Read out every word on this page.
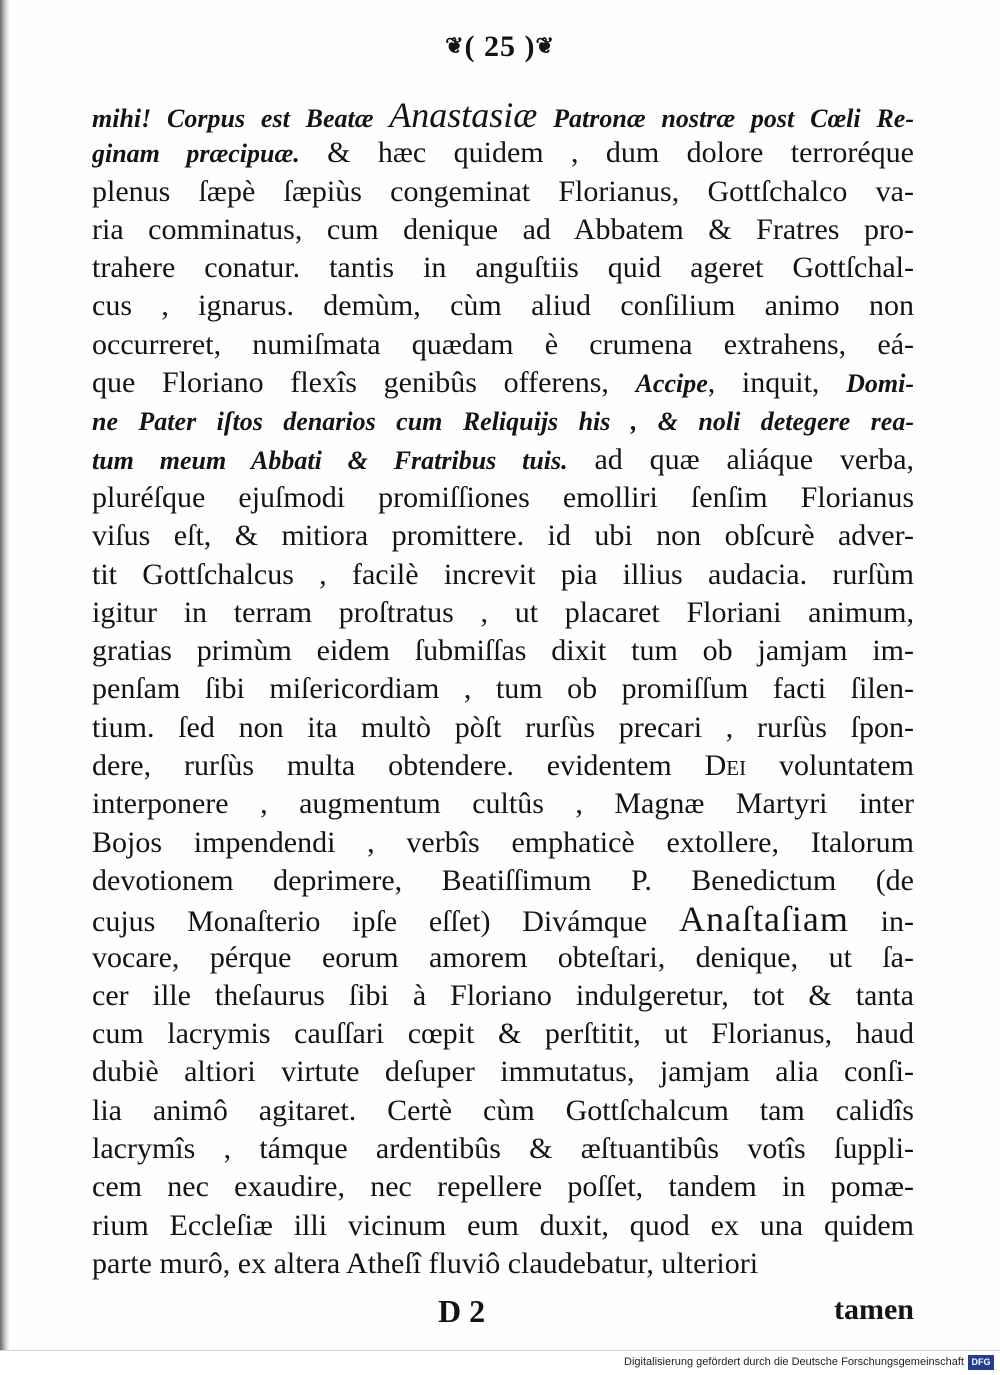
❦( 25 )❦
mihi! Corpus est Beatæ Anastasiæ Patronæ nostræ post Cœli Re-
ginam præcipuæ. & hæc quidem , dum dolore terroréque
plenus ſæpè ſæpiùs congeminat Florianus, Gottſchalco va-
ria comminatus, cum denique ad Abbatem & Fratres pro-
trahere conatur. tantis in anguſtiis quid ageret Gottſchal-
cus , ignarus. demùm, cùm aliud conſilium animo non
occurreret, numiſmata quædam è crumena extrahens, eá-
que Floriano flexîs genibûs offerens, Accipe, inquit, Domi-
ne Pater iſtos denarios cum Reliquijs his , & noli detegere rea-
tum meum Abbati & Fratribus tuis. ad quæ aliáque verba,
pluréſque ejuſmodi promiſſiones emolliri ſenſim Florianus
viſus eſt, & mitiora promittere. id ubi non obſcurè adver-
tit Gottſchalcus , facilè increvit pia illius audacia. rurſùm
igitur in terram proſtratus , ut placaret Floriani animum,
gratias primùm eidem ſubmiſſas dixit tum ob jamjam im-
penſam ſibi miſericordiam , tum ob promiſſum facti ſilen-
tium. ſed non ita multò pòſt rurſùs precari , rurſùs ſpon-
dere, rurſùs multa obtendere. evidentem Dei voluntatem
interponere , augmentum cultûs , Magnæ Martyri inter
Bojos impendendi , verbîs emphaticè extollere, Italorum
devotionem deprimere, Beatiſſimum P. Benedictum (de
cujus Monaſterio ipſe eſſet) Divámque Anaſtaſiam in-
vocare, pérque eorum amorem obteſtari, denique, ut ſa-
cer ille theſaurus ſibi à Floriano indulgeretur, tot & tanta
cum lacrymis cauſſari cœpit & perſtitit, ut Florianus, haud
dubiè altiori virtute deſuper immutatus, jamjam alia conſi-
lia animô agitaret. Certè cùm Gottſchalcum tam calidîs
lacrymîs , támque ardentibûs & æſtuantibûs votîs ſuppli-
cem nec exaudire, nec repellere poſſet, tandem in pomæ-
rium Eccleſiæ illi vicinum eum duxit, quod ex una quidem
parte murô, ex altera Atheſî fluviô claudebatur, ulteriori
D 2	tamen
Digitalisierung gefördert durch die Deutsche Forschungsgemeinschaft DFG
